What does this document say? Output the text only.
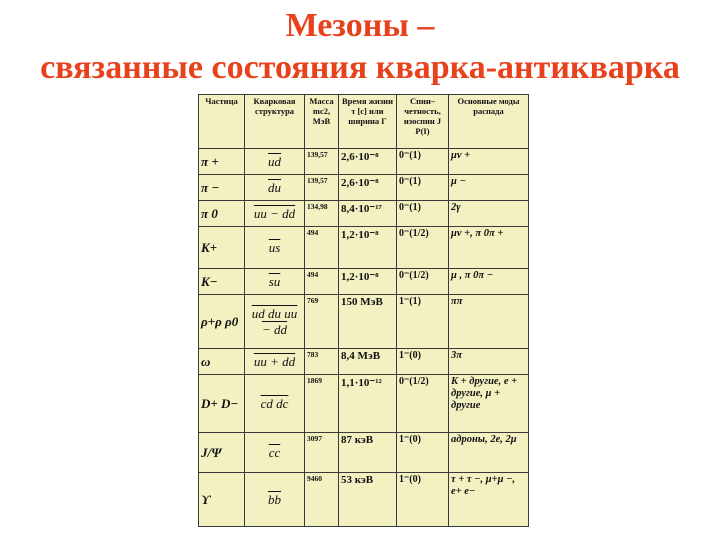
Мезоны –
связанные состояния кварка-антикварка
Частица	Кварковая структура	Масса mc2, МэВ	Время жизни τ [c] или ширина Г	Спин–четность, изоспин J P(I)	Основные моды распада
π +	$\overline{ud}$	139,57	2,6·10⁻⁸	0⁻(1)	μν +
π −	$\overline{du}$	139,57	2,6·10⁻⁸	0⁻(1)	μ −
π 0	uu − dd	134,98	8,4·10⁻¹⁷	0⁻(1)	2γ
K+	$\overline{us}$	494	1,2·10⁻⁸	0⁻(1/2)	μν +, π 0π +
K−	$\overline{su}$	494	1,2·10⁻⁸	0⁻(1/2)	μ , π 0π −
ρ+ρ ρ0	ud du uu − dd	769	150 МэВ	1⁻(1)	ππ
ω	uu + dd	783	8,4 МэВ	1⁻(0)	3π
D+ D−	cd dc	1869	1,1·10⁻¹²	0⁻(1/2)	K + другие, e + другие, μ + другие
J/Ψ	$\overline{cc}$	3097	87 кэВ	1⁻(0)	адроны, 2e, 2μ
ϒ	$\overline{bb}$	9460	53 кэВ	1⁻(0)	τ + τ −, μ+μ −, e+ e−
